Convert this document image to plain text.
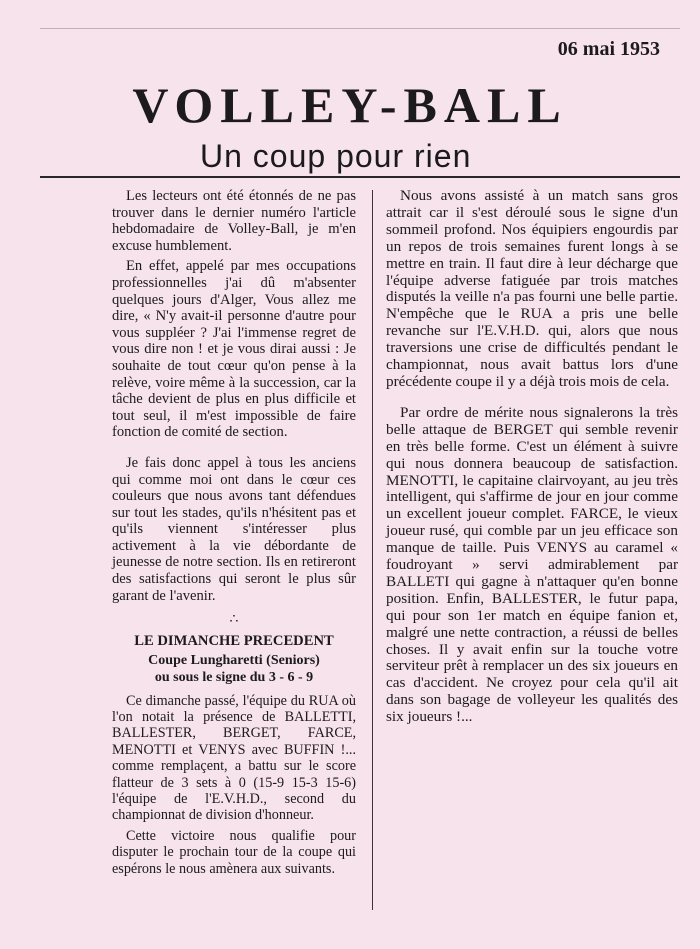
06 mai 1953
VOLLEY-BALL
Un coup pour rien

Les lecteurs ont été étonnés de ne pas trouver dans le dernier numéro l'article hebdomadaire de Volley-Ball, je m'en excuse humblement.

En effet, appelé par mes occupations professionnelles j'ai dû m'absenter quelques jours d'Alger, Vous allez me dire, « N'y avait-il personne d'autre pour vous suppléer ? J'ai l'immense regret de vous dire non ! et je vous dirai aussi : Je souhaite de tout cœur qu'on pense à la relève, voire même à la succession, car la tâche devient de plus en plus difficile et tout seul, il m'est impossible de faire fonction de comité de section.

Je fais donc appel à tous les anciens qui comme moi ont dans le cœur ces couleurs que nous avons tant défendues sur tout les stades, qu'ils n'hésitent pas et qu'ils viennent s'intéresser plus activement à la vie débordante de jeunesse de notre section. Ils en retireront des satisfactions qui seront le plus sûr garant de l'avenir.

∴
LE DIMANCHE PRECEDENT
Coupe Lungharetti (Seniors)
ou sous le signe du 3 - 6 - 9

Ce dimanche passé, l'équipe du RUA où l'on notait la présence de BALLETTI, BALLESTER, BERGET, FARCE, MENOTTI et VENYS avec BUFFIN !... comme remplaçent, a battu sur le score flatteur de 3 sets à 0 (15-9 15-3 15-6) l'équipe de l'E.V.H.D., second du championnat de division d'honneur.

Cette victoire nous qualifie pour disputer le prochain tour de la coupe qui espérons le nous amènera aux suivants.

Nous avons assisté à un match sans gros attrait car il s'est déroulé sous le signe d'un sommeil profond. Nos équipiers engourdis par un repos de trois semaines furent longs à se mettre en train. Il faut dire à leur décharge que l'équipe adverse fatiguée par trois matches disputés la veille n'a pas fourni une belle partie. N'empêche que le RUA a pris une belle revanche sur l'E.V.H.D. qui, alors que nous traversions une crise de difficultés pendant le championnat, nous avait battus lors d'une précédente coupe il y a déjà trois mois de cela.

Par ordre de mérite nous signalerons la très belle attaque de BERGET qui semble revenir en très belle forme. C'est un élément à suivre qui nous donnera beaucoup de satisfaction. MENOTTI, le capitaine clairvoyant, au jeu très intelligent, qui s'affirme de jour en jour comme un excellent joueur complet. FARCE, le vieux joueur rusé, qui comble par un jeu efficace son manque de taille. Puis VENYS au caramel « foudroyant » servi admirablement par BALLETI qui gagne à n'attaquer qu'en bonne position. Enfin, BALLESTER, le futur papa, qui pour son 1er match en équipe fanion et, malgré une nette contraction, a réussi de belles choses. Il y avait enfin sur la touche votre serviteur prêt à remplacer un des six joueurs en cas d'accident. Ne croyez pour cela qu'il ait dans son bagage de volleyeur les qualités des six joueurs !...
